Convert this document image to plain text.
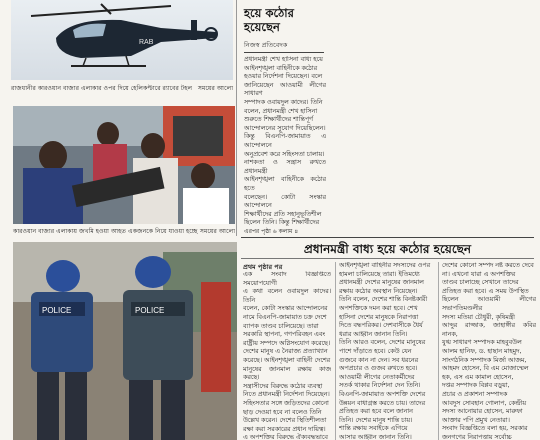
RAB
রাজধানীর কারওয়ান বাজার এলাকার ওপর দিয়ে হেলিকপ্টারে র‍্যাবের টহল সময়ের আলো
কারওয়ান বাজার এলাকায় জখমি হওয়া আহত একজনকে নিয়ে যাওয়া হচ্ছে সময়ের আলো
POLICE	POLICE
হয়ে কঠোর হয়েছেন
নিজস্ব প্রতিবেদক

প্রধানমন্ত্রী শেখ হাসিনা বাধ্য হয়ে

আইনশৃঙ্খলা বাহিনীকে কঠোর

হওয়ার নির্দেশনা দিয়েছেন। বলে

জানিয়েছেন আওয়ামী লীগের সাধারণ

সম্পাদক ওবায়দুল কাদের। তিনি

বলেন, প্রধানমন্ত্রী শেখ হাসিনা

শুরুতে শিক্ষার্থীদের শান্তিপূর্ণ

আন্দোলনের সুযোগ দিয়েছিলেন।

কিন্তু বিএনপি-জামায়াত এ আন্দোলনে

অনুপ্রবেশ করে সহিংসতা চালায়।

নাশকতা ও সন্ত্রাস রুখতে প্রধানমন্ত্রী

আইনশৃঙ্খলা বাহিনীকে কঠোর হতে

বলেছেন। কোটা সংস্কার আন্দোলনে

শিক্ষার্থীদের প্রতি সহানুভূতিশীল

ছিলেন তিনি। কিন্তু শিক্ষার্থীদের

এরপর পৃষ্ঠা ৬ কলাম ৪
প্রধানমন্ত্রী বাধ্য হয়ে কঠোর হয়েছেন
প্রথম পৃষ্ঠার পর

এক সংবাদ বিজ্ঞপ্তিতে সময়োপযোগী

এ কথা বলেন ওবায়দুল কাদের। তিনি

বলেন, কোটা সংস্কার আন্দোলনের

নামে বিএনপি-জামায়াত চক্র দেশে

ব্যাপক তাণ্ডব চালিয়েছে। তারা

সরকারি স্থাপনা, গণপরিবহন এবং

রাষ্ট্রীয় সম্পদে অগ্নিসংযোগ করেছে।

দেশের মানুষ এ নৈরাজ্য প্রত্যাখ্যান

করেছে। আইনশৃঙ্খলা বাহিনী দেশের

মানুষের জানমাল রক্ষায় কাজ করছে।

সন্ত্রাসীদের বিরুদ্ধে কঠোর ব্যবস্থা

নিতে প্রধানমন্ত্রী নির্দেশনা দিয়েছেন।

সহিংসতার সঙ্গে জড়িতদের কোনো

ছাড় দেওয়া হবে না বলেও তিনি

উল্লেখ করেন। দেশের স্থিতিশীলতা

রক্ষা করা সরকারের প্রধান দায়িত্ব।

এ অপশক্তির বিরুদ্ধে ঐক্যবদ্ধভাবে

আইনশৃঙ্খলা বাহিনীর সদস্যদের ওপর

হামলা চালিয়েছে তারা। ইতিমধ্যে

প্রধানমন্ত্রী দেশের মানুষের জানমাল

রক্ষায় কঠোর অবস্থান নিয়েছেন।

তিনি বলেন, দেশের শান্তি বিনষ্টকারী

অপশক্তিকে দমন করা হবে। শেখ

হাসিনা দেশের মানুষকে নিরাপত্তা

দিতে বদ্ধপরিকর। দেশবাসীকে ধৈর্য

ধরার আহ্বান জানান তিনি।

তিনি আরও বলেন, দেশের মানুষের

পাশে দাঁড়াতে হবে। কেউ যেন

গুজবে কান না দেন। সব ধরনের

অপপ্রচার ও গুজব রুখতে হবে।

আওয়ামী লীগের নেতাকর্মীদের

সতর্ক থাকার নির্দেশনা দেন তিনি।

বিএনপি-জামায়াত অপশক্তি দেশের

উন্নয়ন বাধাগ্রস্ত করতে চায়। তাদের

প্রতিহত করা হবে বলে জানান

তিনি। দেশের মানুষ শান্তি চায়।

শান্তি রক্ষায় সবাইকে এগিয়ে

আসার আহ্বান জানান তিনি।

দেশের কোনো সম্পদ নষ্ট করতে দেবে

না। এখনো যারা এ অপশক্তির

তাণ্ডব চালাচ্ছে সেখানে তাদের

প্রতিহত করা হবে। এ সময় উপস্থিত

ছিলেন আওয়ামী লীগের সভাপতিমণ্ডলীর

সদস্য মতিয়া চৌধুরী, কৃষিমন্ত্রী

আব্দুর রাজ্জাক, জাহাঙ্গীর কবির নানক,

যুগ্ম সাধারণ সম্পাদক মাহবুবউল

আলম হানিফ, ড. হাছান মাহমুদ,

সাংগঠনিক সম্পাদক মির্জা আজম,

আহমদ হোসেন, বি এম মোজাম্মেল

হক, এস এম কামাল হোসেন,

দপ্তর সম্পাদক বিপ্লব বড়ুয়া,

প্রচার ও প্রকাশনা সম্পাদক

আবদুস সোবহান গোলাপ, কেন্দ্রীয়

সদস্য আনোয়ার হোসেন, মারুফা

আক্তার পপি প্রমুখ নেতারা।

সংবাদ বিজ্ঞপ্তিতে বলা হয়, সরকার

জনগণের নিরাপত্তায় সর্বোচ্চ
